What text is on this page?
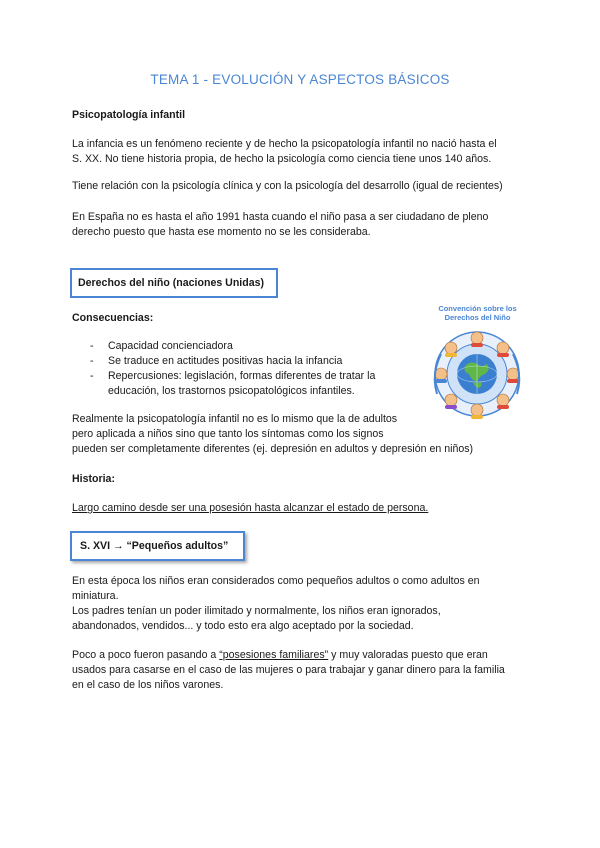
TEMA 1 - EVOLUCIÓN Y ASPECTOS BÁSICOS
Psicopatología infantil
La infancia es un fenómeno reciente y de hecho la psicopatología infantil no nació hasta el
S. XX. No tiene historia propia, de hecho la psicología como ciencia tiene unos 140 años.
Tiene relación con la psicología clínica y con la psicología del desarrollo (igual de recientes)
En España no es hasta el año 1991 hasta cuando el niño pasa a ser ciudadano de pleno
derecho puesto que hasta ese momento no se les consideraba.
Derechos del niño (naciones Unidas)
Consecuencias:
- Capacidad concienciadora
- Se traduce en actitudes positivas hacia la infancia
- Repercusiones: legislación, formas diferentes de tratar la educación, los trastornos psicopatológicos infantiles.
Convención sobre los
Derechos del Niño
Realmente la psicopatología infantil no es lo mismo que la de adultos
pero aplicada a niños sino que tanto los síntomas como los signos
pueden ser completamente diferentes (ej. depresión en adultos y depresión en niños)
Historia:
Largo camino desde ser una posesión hasta alcanzar el estado de persona.
S. XVI → “Pequeños adultos”
En esta época los niños eran considerados como pequeños adultos o como adultos en
miniatura.
Los padres tenían un poder ilimitado y normalmente, los niños eran ignorados,
abandonados, vendidos... y todo esto era algo aceptado por la sociedad.
Poco a poco fueron pasando a “posesiones familiares” y muy valoradas puesto que eran
usados para casarse en el caso de las mujeres o para trabajar y ganar dinero para la familia
en el caso de los niños varones.
